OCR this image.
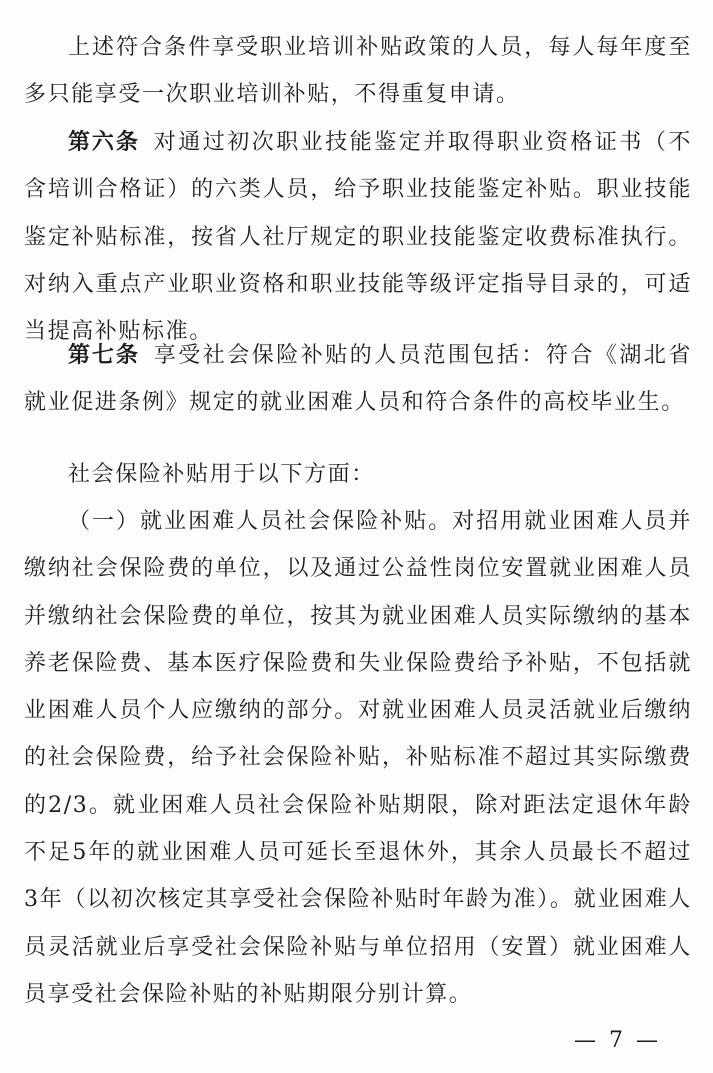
上述符合条件享受职业培训补贴政策的人员，每人每年度至多只能享受一次职业培训补贴，不得重复申请。

第六条 对通过初次职业技能鉴定并取得职业资格证书（不含培训合格证）的六类人员，给予职业技能鉴定补贴。职业技能鉴定补贴标准，按省人社厅规定的职业技能鉴定收费标准执行。对纳入重点产业职业资格和职业技能等级评定指导目录的，可适当提高补贴标准。

第七条 享受社会保险补贴的人员范围包括：符合《湖北省就业促进条例》规定的就业困难人员和符合条件的高校毕业生。

社会保险补贴用于以下方面：

（一）就业困难人员社会保险补贴。对招用就业困难人员并缴纳社会保险费的单位，以及通过公益性岗位安置就业困难人员并缴纳社会保险费的单位，按其为就业困难人员实际缴纳的基本养老保险费、基本医疗保险费和失业保险费给予补贴，不包括就业困难人员个人应缴纳的部分。对就业困难人员灵活就业后缴纳的社会保险费，给予社会保险补贴，补贴标准不超过其实际缴费的2/3。就业困难人员社会保险补贴期限，除对距法定退休年龄不足5年的就业困难人员可延长至退休外，其余人员最长不超过3年（以初次核定其享受社会保险补贴时年龄为准）。就业困难人员灵活就业后享受社会保险补贴与单位招用（安置）就业困难人员享受社会保险补贴的补贴期限分别计算。

— 7 —
